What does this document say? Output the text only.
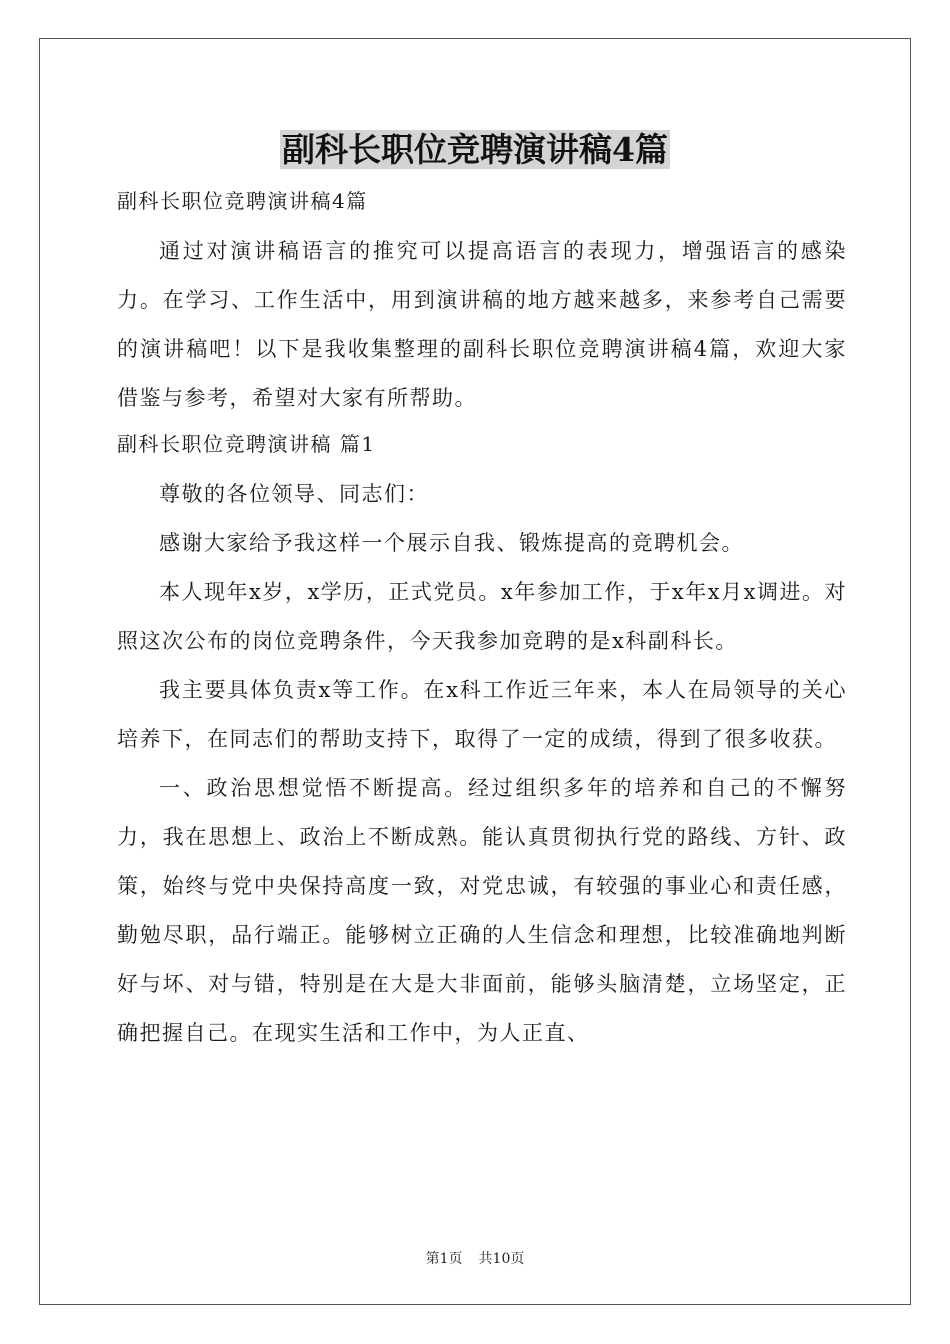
副科长职位竞聘演讲稿4篇

副科长职位竞聘演讲稿4篇

通过对演讲稿语言的推究可以提高语言的表现力，增强语言的感染力。在学习、工作生活中，用到演讲稿的地方越来越多，来参考自己需要的演讲稿吧！以下是我收集整理的副科长职位竞聘演讲稿4篇，欢迎大家借鉴与参考，希望对大家有所帮助。

副科长职位竞聘演讲稿 篇1

尊敬的各位领导、同志们：

感谢大家给予我这样一个展示自我、锻炼提高的竞聘机会。

本人现年x岁，x学历，正式党员。x年参加工作，于x年x月x调进。对照这次公布的岗位竞聘条件，今天我参加竞聘的是x科副科长。

我主要具体负责x等工作。在x科工作近三年来，本人在局领导的关心培养下，在同志们的帮助支持下，取得了一定的成绩，得到了很多收获。

一、政治思想觉悟不断提高。经过组织多年的培养和自己的不懈努力，我在思想上、政治上不断成熟。能认真贯彻执行党的路线、方针、政策，始终与党中央保持高度一致，对党忠诚，有较强的事业心和责任感，勤勉尽职，品行端正。能够树立正确的人生信念和理想，比较准确地判断好与坏、对与错，特别是在大是大非面前，能够头脑清楚，立场坚定，正确把握自己。在现实生活和工作中，为人正直、

第1页 共10页
